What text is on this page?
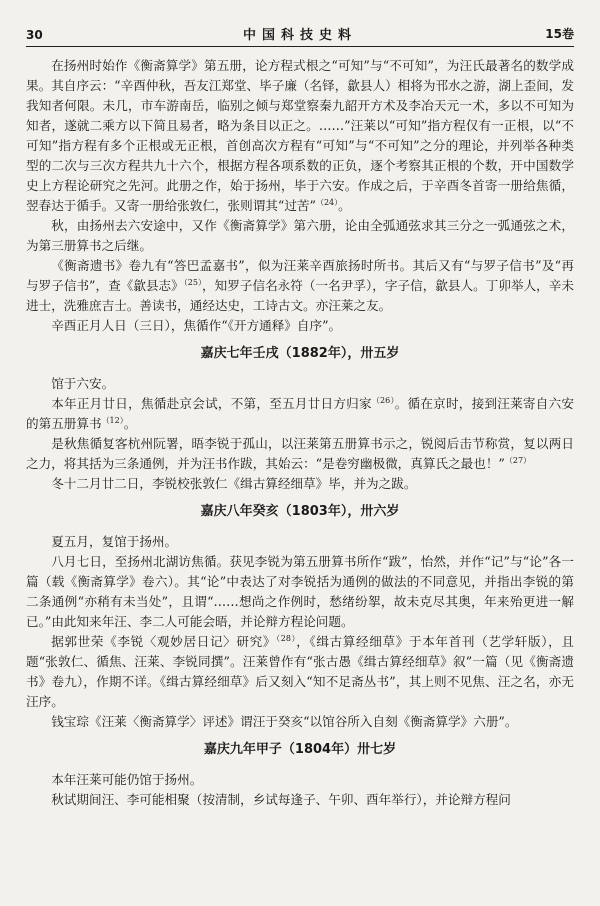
30	中国科技史料	15卷

在扬州时始作《衡斋算学》第五册，论方程式根之“可知”与“不可知”，为汪氏最著名的数学成果。其自序云：“辛酉仲秋，吾友江郑堂、毕子廉（名铎，歙县人）相将为邗水之游，湖上歪间，发我知者何限。未几，市车游南岳，临别之倾与郑堂察秦九韶开方术及李冶天元一术，多以不可知为知者，遂就二乘方以下简且易者，略为条目以正之。……”汪莱以“可知”指方程仅有一正根，以“不可知”指方程有多个正根或无正根，首创高次方程有“可知”与“不可知”之分的理论，并列举各种类型的二次与三次方程共九十六个，根据方程各项系数的正负，逐个考察其正根的个数，开中国数学史上方程论研究之先河。此册之作，始于扬州，毕于六安。作成之后，于辛酉冬首寄一册给焦循，翌春达于循手。又寄一册给张敦仁，张则谓其“过苦”$^{(24)}$。

秋，由扬州去六安途中，又作《衡斋算学》第六册，论由全弧通弦求其三分之一弧通弦之术，为第三册算书之后继。

《衡斋遗书》卷九有“答巴孟嘉书”，似为汪莱辛酉旅扬时所书。其后又有“与罗子信书”及“再与罗子信书”，查《歙县志》$^{(25)}$，知罗子信名永符（一名尹孚），字子信，歙县人。丁卯举人，辛未进士，洗雅庶吉士。善读书，通经达史，工诗古文。亦汪莱之友。

辛酉正月人日（三日），焦循作“《开方通释》自序”。

嘉庆七年壬戌（1882年），卅五岁

馆于六安。

本年正月廿日，焦循赴京会试，不第，至五月廿日方归家$^{(26)}$。循在京时，接到汪莱寄自六安的第五册算书$^{(12)}$。

是秋焦循复客杭州阮署，晤李锐于孤山，以汪莱第五册算书示之，锐阅后击节称赏，复以两日之力，将其括为三条通例，并为汪书作跋，其始云：“是卷穷幽极微，真算氏之最也！”$^{(27)}$

冬十二月廿二日，李锐校张敦仁《缉古算经细草》毕，并为之跋。

嘉庆八年癸亥（1803年），卅六岁

夏五月，复馆于扬州。

八月七日，至扬州北湖访焦循。获见李锐为第五册算书所作“跋”，怡然，并作“记”与“论”各一篇（载《衡斋算学》卷六）。其“论”中表达了对李锐括为通例的做法的不同意见，并指出李锐的第二条通例“亦稍有未当处”，且谓“……想尚之作例时，愁绪纷挐，故未克尽其奥，年来殆更进一解已。”由此知来年汪、李二人可能会晤，并论辩方程论问题。

据郭世荣《李锐〈观妙居日记〉研究》$^{(28)}$，《缉古算经细草》于本年首刊（艺学轩版），且题“张敦仁、循焦、汪莱、李锐同撰”。汪莱曾作有“张古愚《缉古算经细草》叙”一篇（见《衡斋遗书》卷九），作期不详。《缉古算经细草》后又刻入“知不足斋丛书”，其上则不见焦、汪之名，亦无汪序。

钱宝琮《汪莱〈衡斋算学〉评述》谓汪于癸亥“以馆谷所入自刻《衡斋算学》六册”。

嘉庆九年甲子（1804年）卅七岁

本年汪莱可能仍馆于扬州。

秋试期间汪、李可能相聚（按清制，乡试每逢子、午卯、酉年举行），并论辩方程问
